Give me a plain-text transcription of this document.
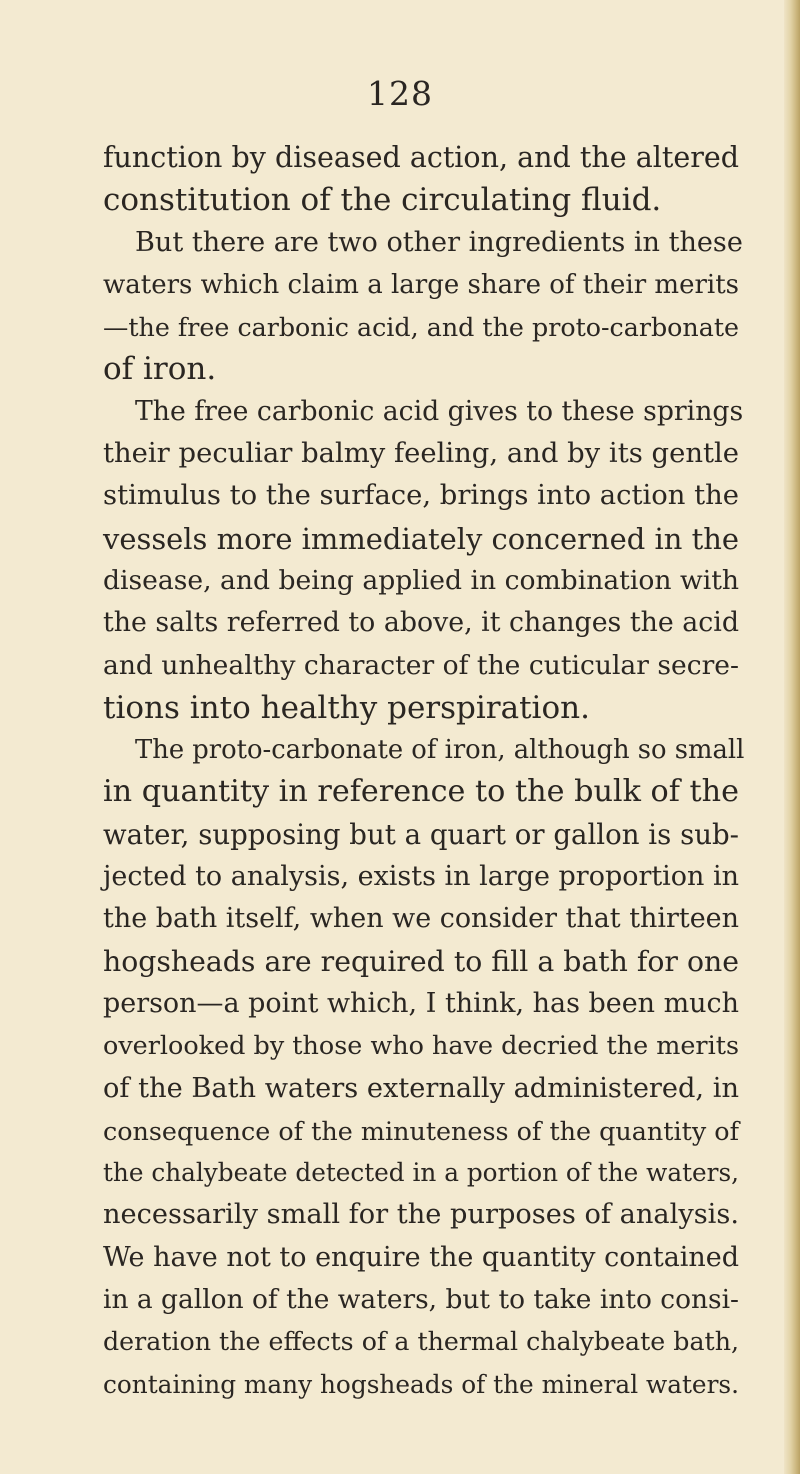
128

function by diseased action, and the altered
constitution of the circulating fluid.

But there are two other ingredients in these
waters which claim a large share of their merits
—the free carbonic acid, and the proto-carbonate
of iron.

The free carbonic acid gives to these springs
their peculiar balmy feeling, and by its gentle
stimulus to the surface, brings into action the
vessels more immediately concerned in the
disease, and being applied in combination with
the salts referred to above, it changes the acid
and unhealthy character of the cuticular secre-
tions into healthy perspiration.

The proto-carbonate of iron, although so small
in quantity in reference to the bulk of the
water, supposing but a quart or gallon is sub-
jected to analysis, exists in large proportion in
the bath itself, when we consider that thirteen
hogsheads are required to fill a bath for one
person—a point which, I think, has been much
overlooked by those who have decried the merits
of the Bath waters externally administered, in
consequence of the minuteness of the quantity of
the chalybeate detected in a portion of the waters,
necessarily small for the purposes of analysis.
We have not to enquire the quantity contained
in a gallon of the waters, but to take into consi-
deration the effects of a thermal chalybeate bath,
containing many hogsheads of the mineral waters.
